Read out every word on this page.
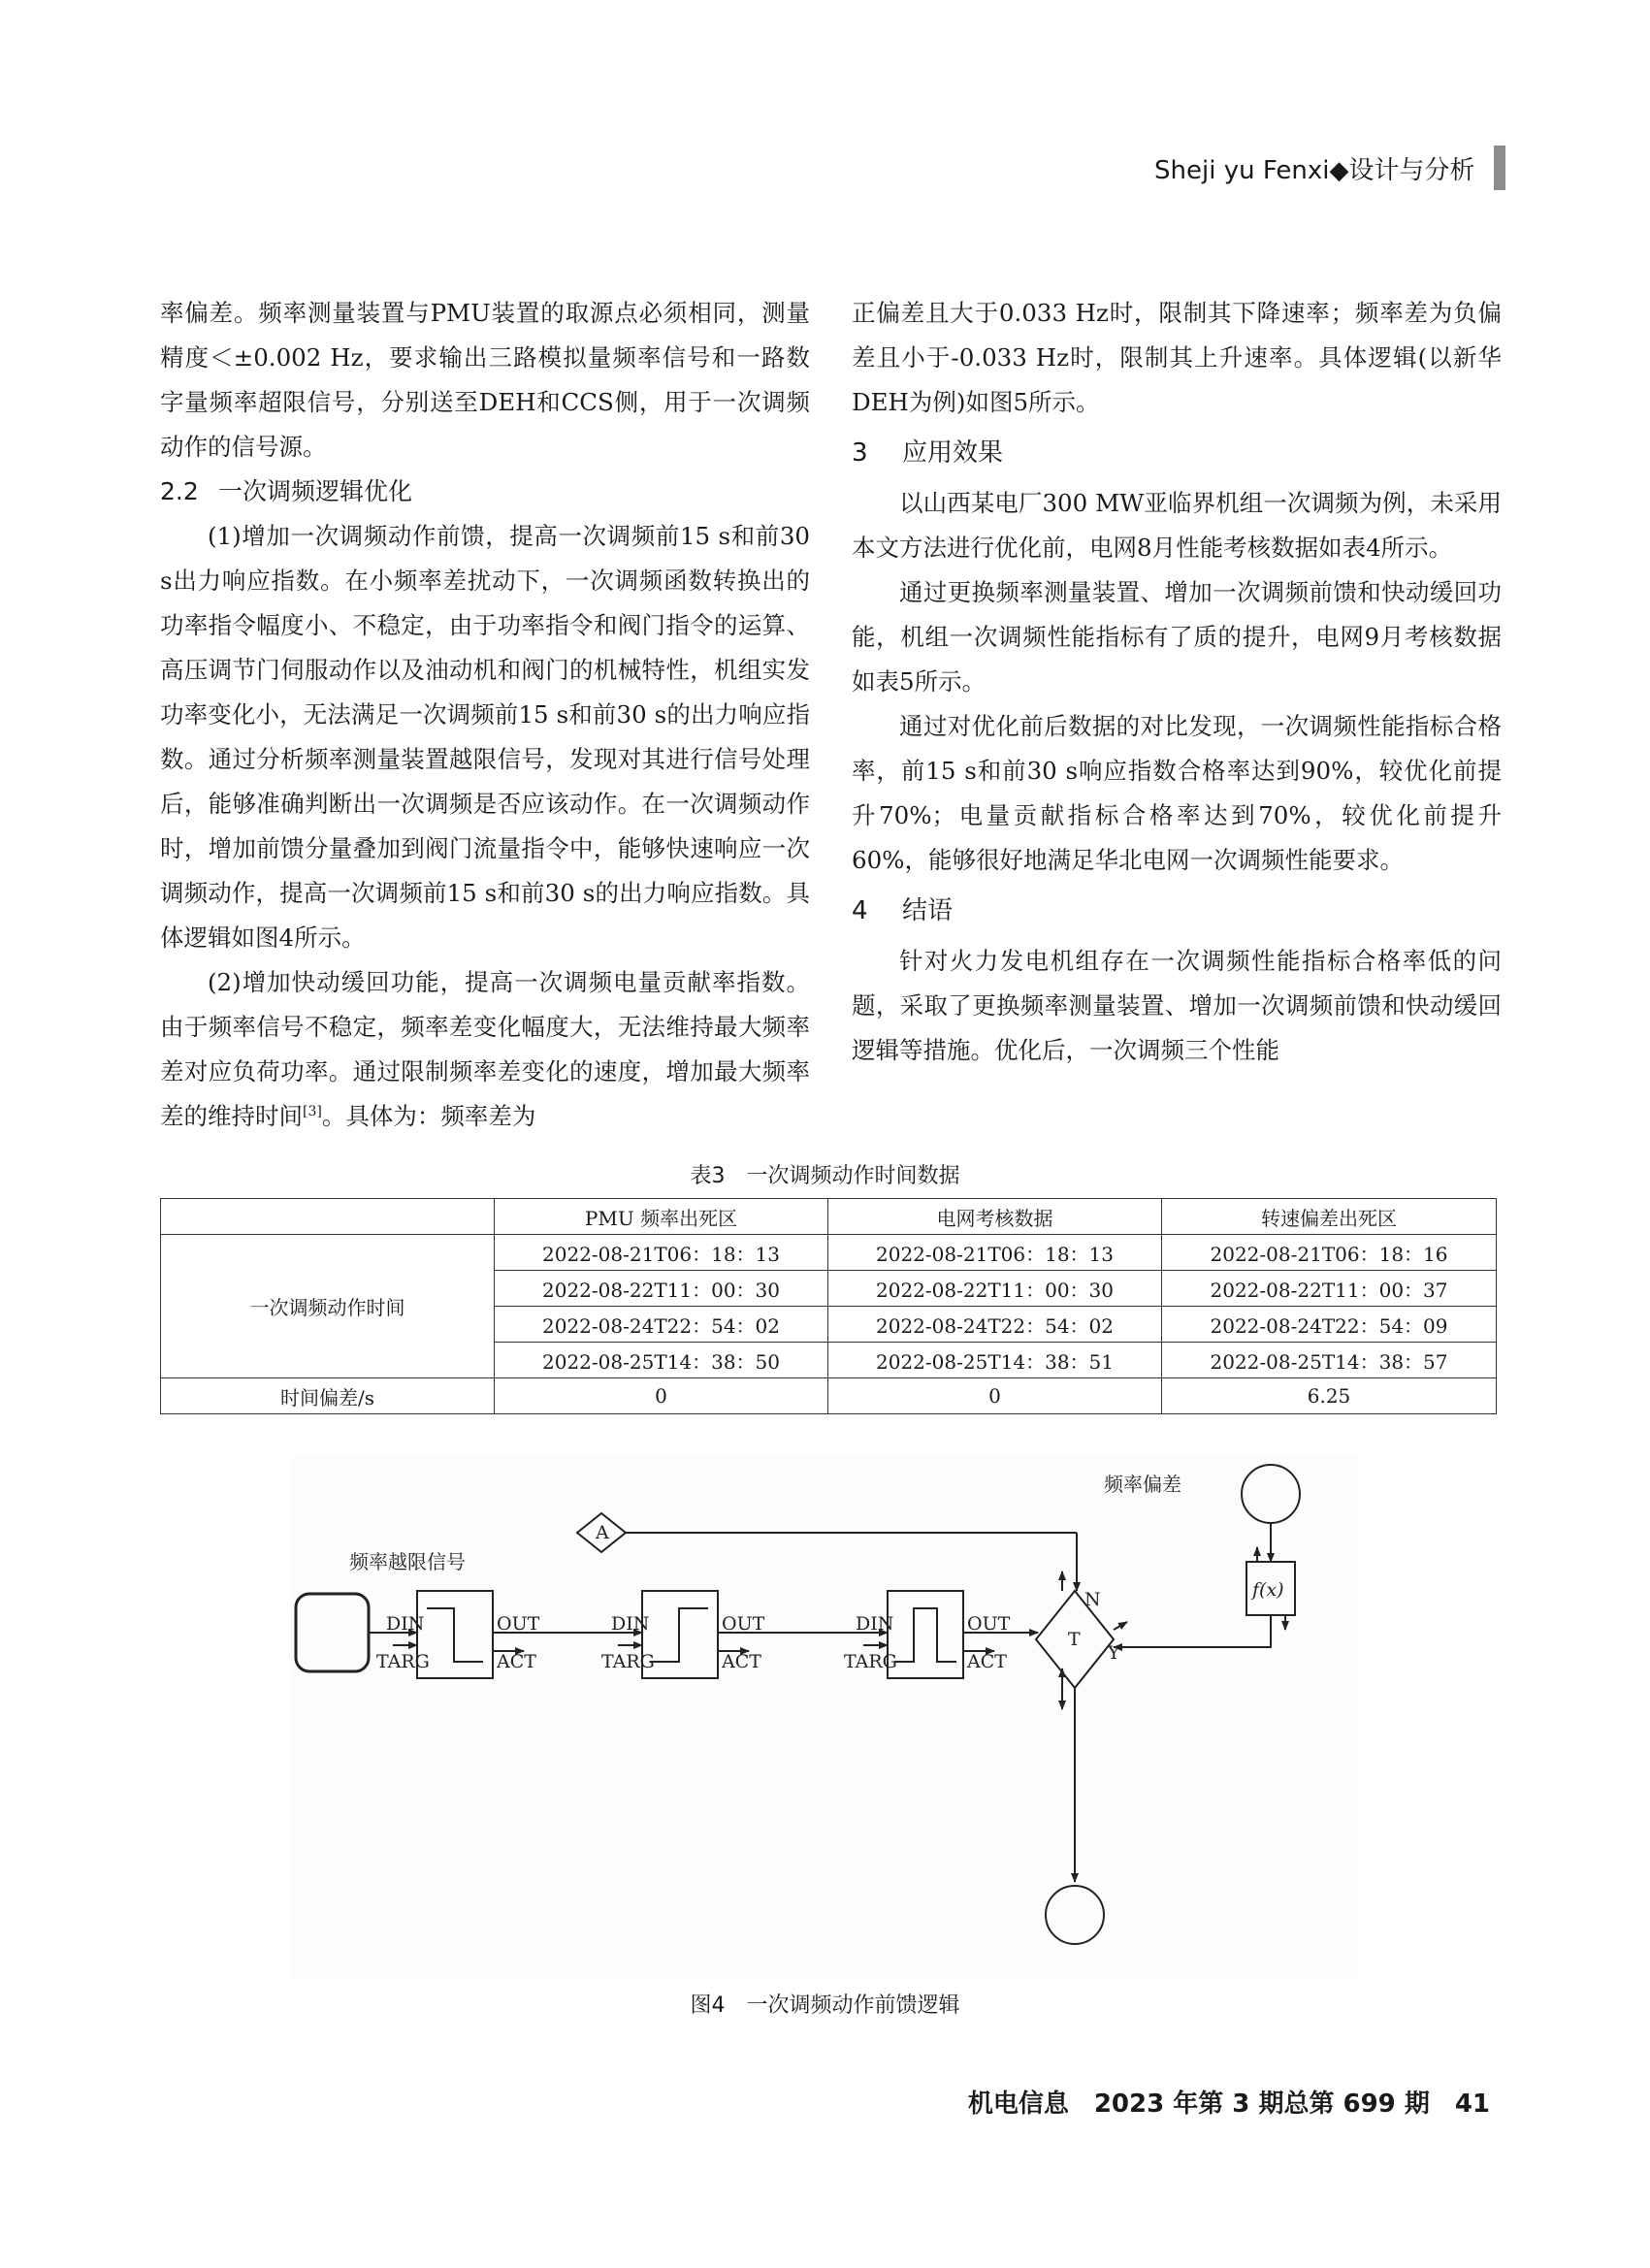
Sheji yu Fenxi◆设计与分析

率偏差。频率测量装置与PMU装置的取源点必须相同，测量精度＜±0.002 Hz，要求输出三路模拟量频率信号和一路数字量频率超限信号，分别送至DEH和CCS侧，用于一次调频动作的信号源。

2.2 一次调频逻辑优化

(1)增加一次调频动作前馈，提高一次调频前15 s和前30 s出力响应指数。在小频率差扰动下，一次调频函数转换出的功率指令幅度小、不稳定，由于功率指令和阀门指令的运算、高压调节门伺服动作以及油动机和阀门的机械特性，机组实发功率变化小，无法满足一次调频前15 s和前30 s的出力响应指数。通过分析频率测量装置越限信号，发现对其进行信号处理后，能够准确判断出一次调频是否应该动作。在一次调频动作时，增加前馈分量叠加到阀门流量指令中，能够快速响应一次调频动作，提高一次调频前15 s和前30 s的出力响应指数。具体逻辑如图4所示。

(2)增加快动缓回功能，提高一次调频电量贡献率指数。由于频率信号不稳定，频率差变化幅度大，无法维持最大频率差对应负荷功率。通过限制频率差变化的速度，增加最大频率差的维持时间[3]。具体为：频率差为

正偏差且大于0.033 Hz时，限制其下降速率；频率差为负偏差且小于-0.033 Hz时，限制其上升速率。具体逻辑(以新华DEH为例)如图5所示。

3 应用效果

以山西某电厂300 MW亚临界机组一次调频为例，未采用本文方法进行优化前，电网8月性能考核数据如表4所示。

通过更换频率测量装置、增加一次调频前馈和快动缓回功能，机组一次调频性能指标有了质的提升，电网9月考核数据如表5所示。

通过对优化前后数据的对比发现，一次调频性能指标合格率，前15 s和前30 s响应指数合格率达到90%，较优化前提升70%；电量贡献指标合格率达到70%，较优化前提升60%，能够很好地满足华北电网一次调频性能要求。

4 结语

针对火力发电机组存在一次调频性能指标合格率低的问题，采取了更换频率测量装置、增加一次调频前馈和快动缓回逻辑等措施。优化后，一次调频三个性能

表3　一次调频动作时间数据
	PMU 频率出死区	电网考核数据	转速偏差出死区
一次调频动作时间	2022-08-21T06：18：13	2022-08-21T06：18：13	2022-08-21T06：18：16
	2022-08-22T11：00：30	2022-08-22T11：00：30	2022-08-22T11：00：37
	2022-08-24T22：54：02	2022-08-24T22：54：02	2022-08-24T22：54：09
	2022-08-25T14：38：50	2022-08-25T14：38：51	2022-08-25T14：38：57
时间偏差/s	0	0	6.25
频率越限信号
频率偏差
DIN
TARG
OUT
ACT
DIN
TARG
OUT
ACT
DIN
TARG
OUT
ACT
A
T
N
Y
f(x)
图4　一次调频动作前馈逻辑
机电信息　2023 年第 3 期总第 699 期　41
